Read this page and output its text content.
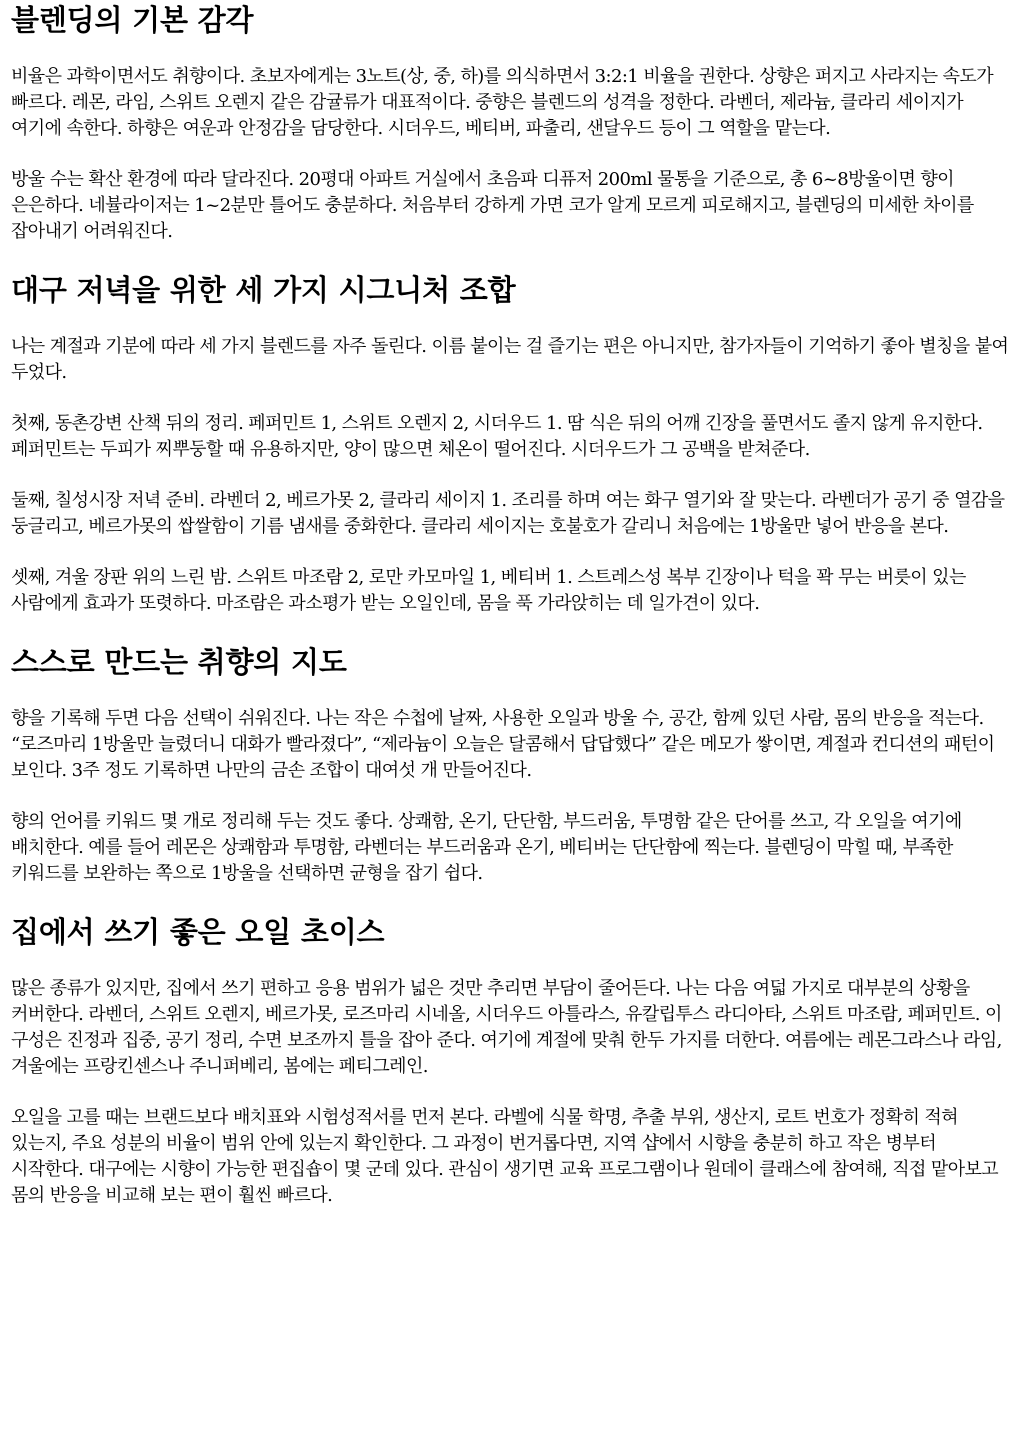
블렌딩의 기본 감각

비율은 과학이면서도 취향이다. 초보자에게는 3노트(상, 중, 하)를 의식하면서 3:2:1 비율을 권한다. 상향은 퍼지고 사라지는 속도가 빠르다. 레몬, 라임, 스위트 오렌지 같은 감귤류가 대표적이다. 중향은 블렌드의 성격을 정한다. 라벤더, 제라늄, 클라리 세이지가 여기에 속한다. 하향은 여운과 안정감을 담당한다. 시더우드, 베티버, 파출리, 샌달우드 등이 그 역할을 맡는다.

방울 수는 확산 환경에 따라 달라진다. 20평대 아파트 거실에서 초음파 디퓨저 200ml 물통을 기준으로, 총 6~8방울이면 향이 은은하다. 네뷸라이저는 1~2분만 틀어도 충분하다. 처음부터 강하게 가면 코가 알게 모르게 피로해지고, 블렌딩의 미세한 차이를 잡아내기 어려워진다.

대구 저녁을 위한 세 가지 시그니처 조합

나는 계절과 기분에 따라 세 가지 블렌드를 자주 돌린다. 이름 붙이는 걸 즐기는 편은 아니지만, 참가자들이 기억하기 좋아 별칭을 붙여 두었다.

첫째, 동촌강변 산책 뒤의 정리. 페퍼민트 1, 스위트 오렌지 2, 시더우드 1. 땀 식은 뒤의 어깨 긴장을 풀면서도 졸지 않게 유지한다. 페퍼민트는 두피가 찌뿌둥할 때 유용하지만, 양이 많으면 체온이 떨어진다. 시더우드가 그 공백을 받쳐준다.

둘째, 칠성시장 저녁 준비. 라벤더 2, 베르가못 2, 클라리 세이지 1. 조리를 하며 여는 화구 열기와 잘 맞는다. 라벤더가 공기 중 열감을 둥글리고, 베르가못의 쌉쌀함이 기름 냄새를 중화한다. 클라리 세이지는 호불호가 갈리니 처음에는 1방울만 넣어 반응을 본다.

셋째, 겨울 장판 위의 느린 밤. 스위트 마조람 2, 로만 카모마일 1, 베티버 1. 스트레스성 복부 긴장이나 턱을 꽉 무는 버릇이 있는 사람에게 효과가 또렷하다. 마조람은 과소평가 받는 오일인데, 몸을 푹 가라앉히는 데 일가견이 있다.

스스로 만드는 취향의 지도

향을 기록해 두면 다음 선택이 쉬워진다. 나는 작은 수첩에 날짜, 사용한 오일과 방울 수, 공간, 함께 있던 사람, 몸의 반응을 적는다. “로즈마리 1방울만 늘렸더니 대화가 빨라졌다”, “제라늄이 오늘은 달콤해서 답답했다” 같은 메모가 쌓이면, 계절과 컨디션의 패턴이 보인다. 3주 정도 기록하면 나만의 금손 조합이 대여섯 개 만들어진다.

향의 언어를 키워드 몇 개로 정리해 두는 것도 좋다. 상쾌함, 온기, 단단함, 부드러움, 투명함 같은 단어를 쓰고, 각 오일을 여기에 배치한다. 예를 들어 레몬은 상쾌함과 투명함, 라벤더는 부드러움과 온기, 베티버는 단단함에 찍는다. 블렌딩이 막힐 때, 부족한 키워드를 보완하는 쪽으로 1방울을 선택하면 균형을 잡기 쉽다.

집에서 쓰기 좋은 오일 초이스

많은 종류가 있지만, 집에서 쓰기 편하고 응용 범위가 넓은 것만 추리면 부담이 줄어든다. 나는 다음 여덟 가지로 대부분의 상황을 커버한다. 라벤더, 스위트 오렌지, 베르가못, 로즈마리 시네올, 시더우드 아틀라스, 유칼립투스 라디아타, 스위트 마조람, 페퍼민트. 이 구성은 진정과 집중, 공기 정리, 수면 보조까지 틀을 잡아 준다. 여기에 계절에 맞춰 한두 가지를 더한다. 여름에는 레몬그라스나 라임, 겨울에는 프랑킨센스나 주니퍼베리, 봄에는 페티그레인.

오일을 고를 때는 브랜드보다 배치표와 시험성적서를 먼저 본다. 라벨에 식물 학명, 추출 부위, 생산지, 로트 번호가 정확히 적혀 있는지, 주요 성분의 비율이 범위 안에 있는지 확인한다. 그 과정이 번거롭다면, 지역 샵에서 시향을 충분히 하고 작은 병부터 시작한다. 대구에는 시향이 가능한 편집숍이 몇 군데 있다. 관심이 생기면 교육 프로그램이나 원데이 클래스에 참여해, 직접 맡아보고 몸의 반응을 비교해 보는 편이 훨씬 빠르다.
